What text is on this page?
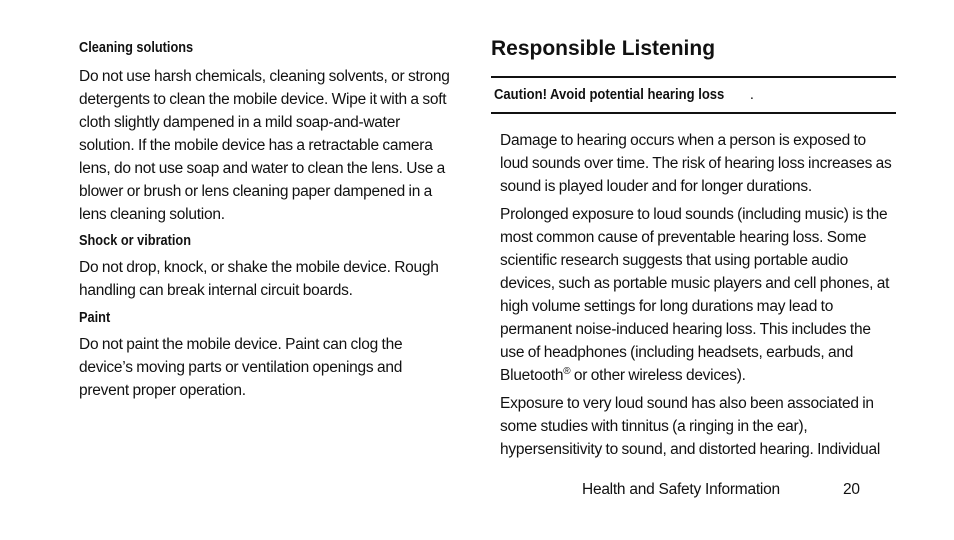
Cleaning solutions

Do not use harsh chemicals, cleaning solvents, or strong detergents to clean the mobile device. Wipe it with a soft cloth slightly dampened in a mild soap-and-water solution. If the mobile device has a retractable camera lens, do not use soap and water to clean the lens. Use a blower or brush or lens cleaning paper dampened in a lens cleaning solution.

Shock or vibration

Do not drop, knock, or shake the mobile device. Rough handling can break internal circuit boards.

Paint

Do not paint the mobile device. Paint can clog the device’s moving parts or ventilation openings and prevent proper operation.

Responsible Listening
Caution! Avoid potential hearing loss .

Damage to hearing occurs when a person is exposed to loud sounds over time. The risk of hearing loss increases as sound is played louder and for longer durations.

Prolonged exposure to loud sounds (including music) is the most common cause of preventable hearing loss. Some scientific research suggests that using portable audio devices, such as portable music players and cell phones, at high volume settings for long durations may lead to permanent noise-induced hearing loss. This includes the use of headphones (including headsets, earbuds, and Bluetooth® or other wireless devices).

Exposure to very loud sound has also been associated in some studies with tinnitus (a ringing in the ear), hypersensitivity to sound, and distorted hearing. Individual

Health and Safety Information	20
